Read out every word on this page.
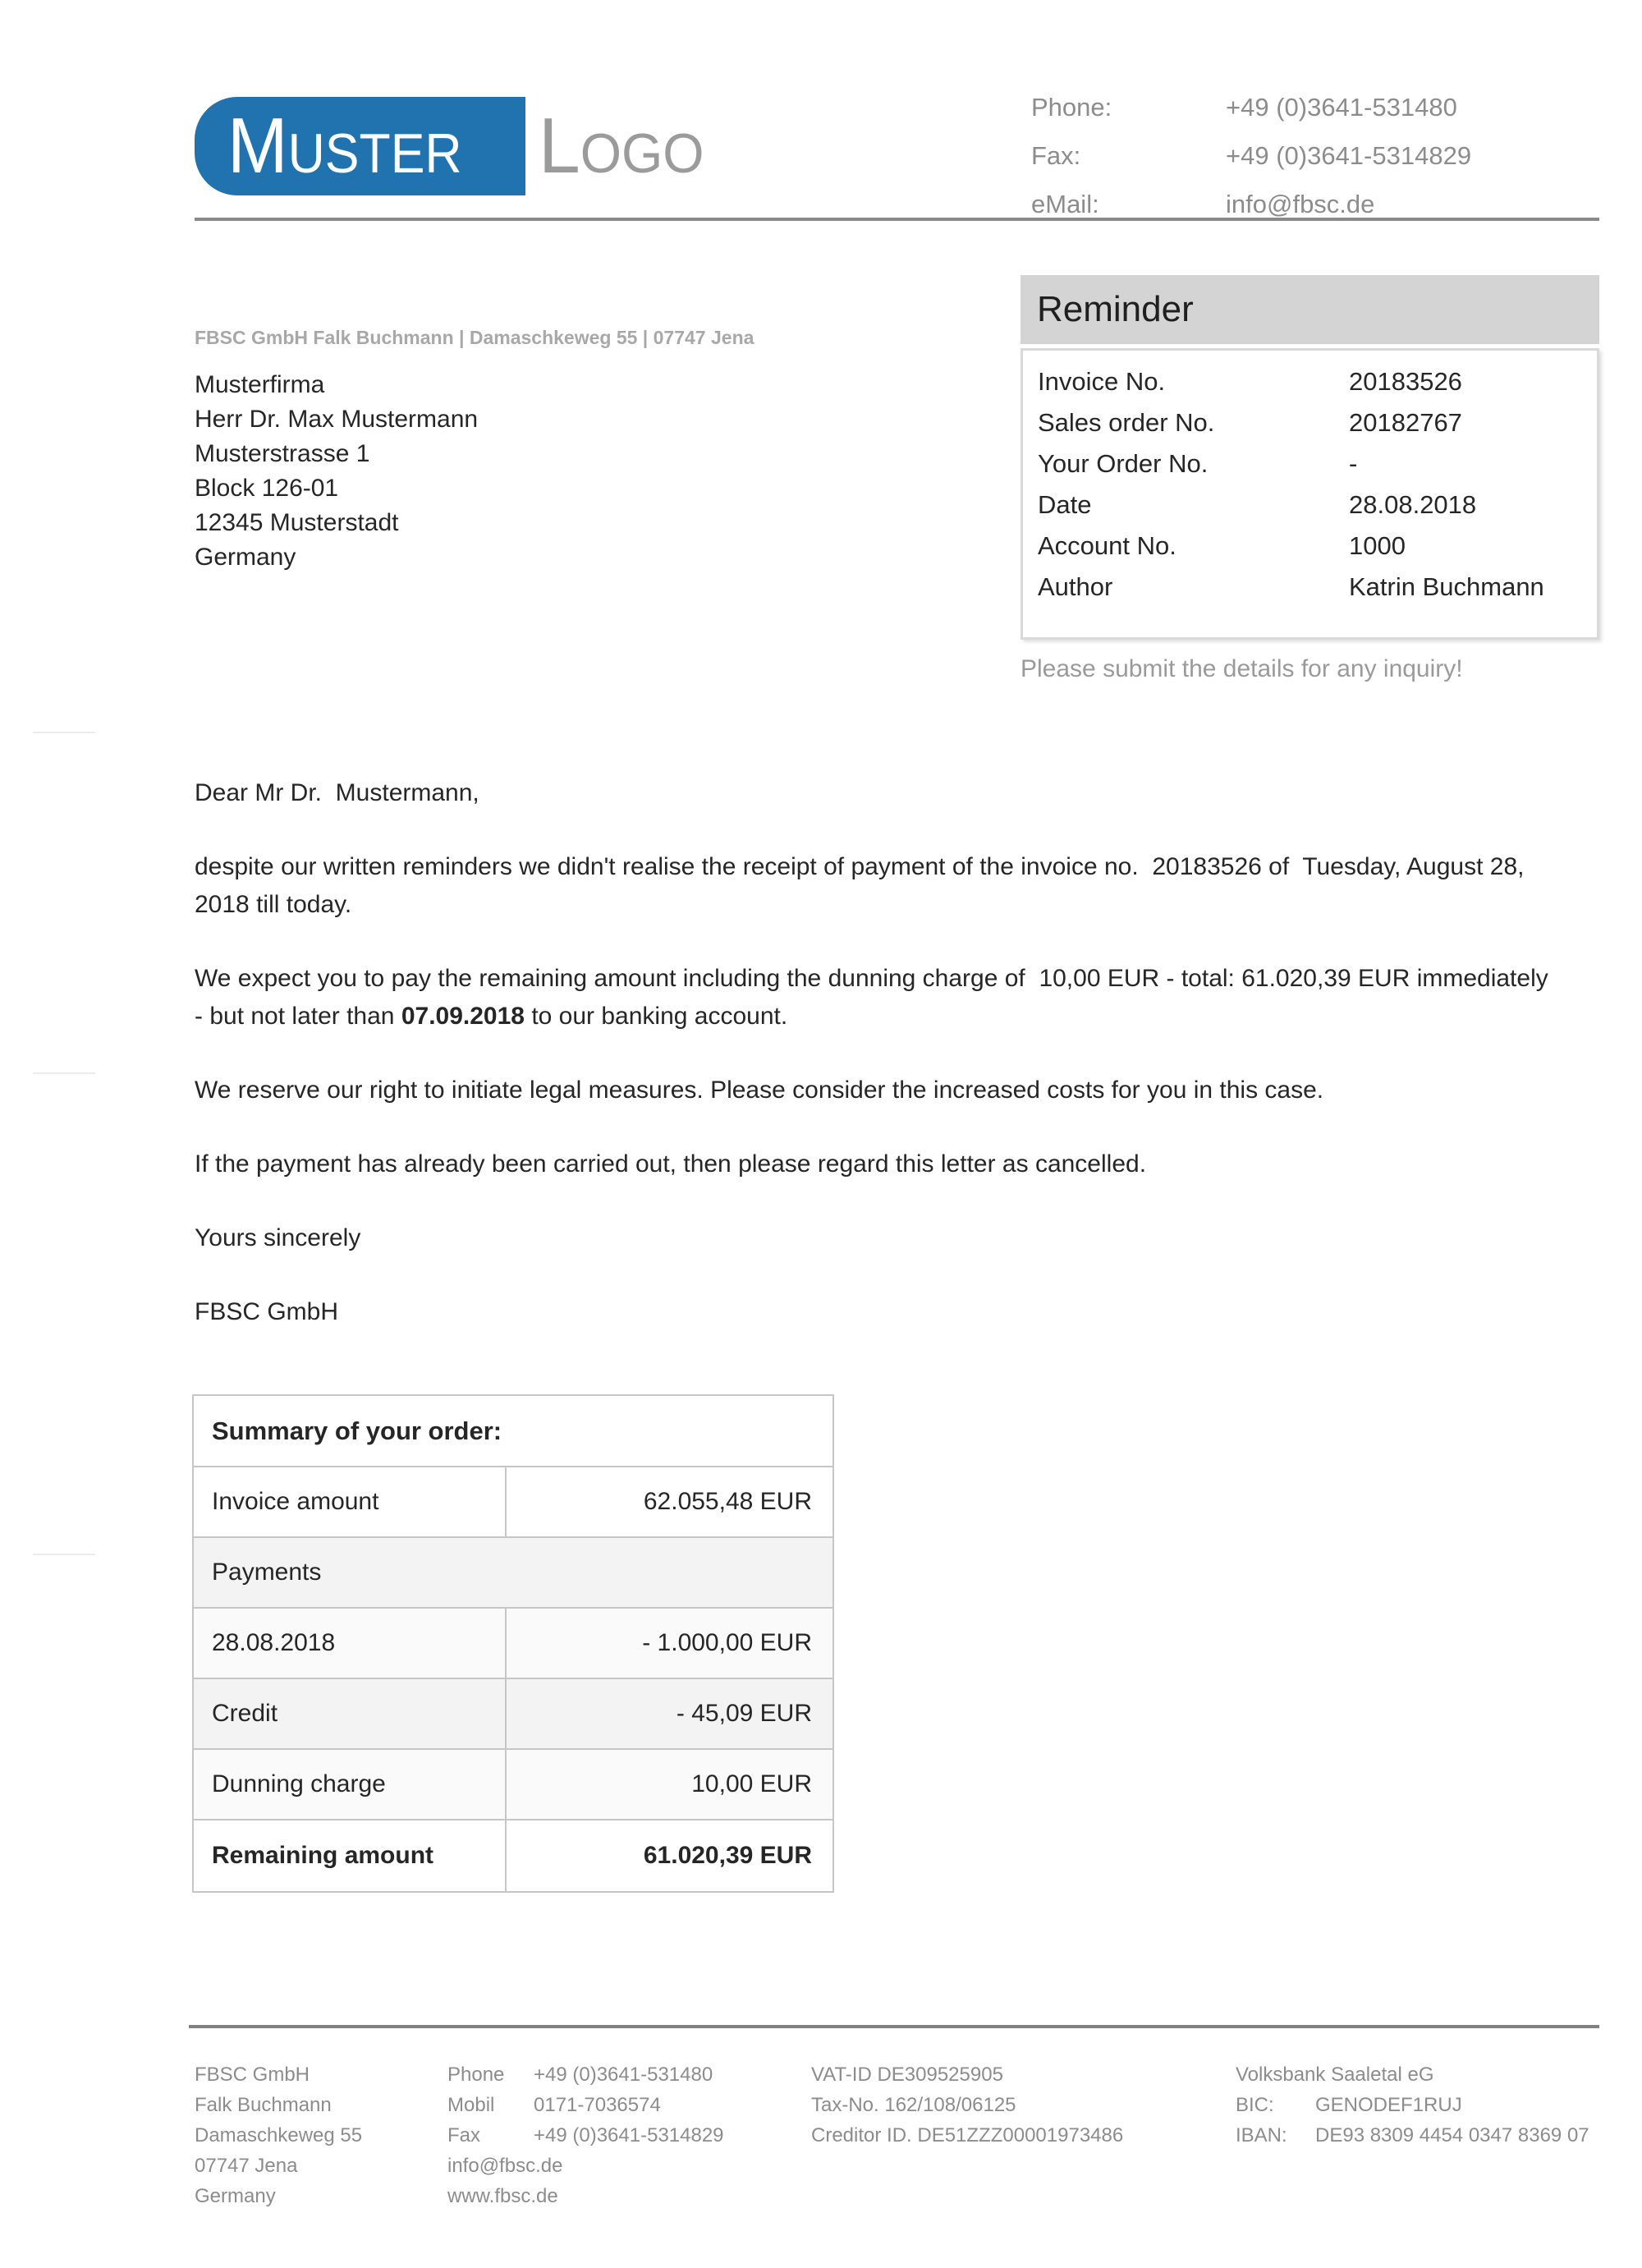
MUSTER LOGO
Phone:	+49 (0)3641-531480
Fax:	+49 (0)3641-5314829
eMail:	info@fbsc.de
FBSC GmbH Falk Buchmann | Damaschkeweg 55 | 07747 Jena
Musterfirma
Herr Dr. Max Mustermann
Musterstrasse 1
Block 126-01
12345 Musterstadt
Germany
Reminder
Invoice No.	20183526
Sales order No.	20182767
Your Order No.	-
Date	28.08.2018
Account No.	1000
Author	Katrin Buchmann
Please submit the details for any inquiry!

Dear Mr Dr.  Mustermann,

despite our written reminders we didn't realise the receipt of payment of the invoice no.  20183526 of  Tuesday, August 28, 2018 till today.

We expect you to pay the remaining amount including the dunning charge of  10,00 EUR - total: 61.020,39 EUR immediately - but not later than 07.09.2018 to our banking account.

We reserve our right to initiate legal measures. Please consider the increased costs for you in this case.

If the payment has already been carried out, then please regard this letter as cancelled.

Yours sincerely

FBSC GmbH

Summary of your order:
Invoice amount	62.055,48 EUR
Payments
28.08.2018	- 1.000,00 EUR
Credit	- 45,09 EUR
Dunning charge	10,00 EUR
Remaining amount	61.020,39 EUR
FBSC GmbH
Falk Buchmann
Damaschkeweg 55
07747 Jena
Germany
Phone	+49 (0)3641-531480
Mobil	0171-7036574
Fax	+49 (0)3641-5314829
info@fbsc.de
www.fbsc.de
VAT-ID DE309525905
Tax-No. 162/108/06125
Creditor ID. DE51ZZZ00001973486
Volksbank Saaletal eG
BIC:	GENODEF1RUJ
IBAN:	DE93 8309 4454 0347 8369 07
